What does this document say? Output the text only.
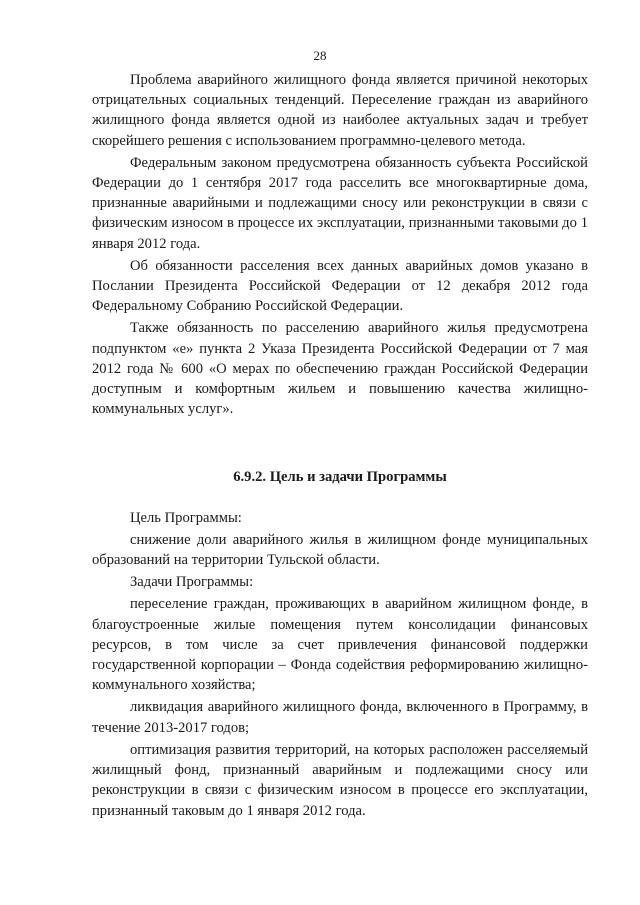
28

Проблема аварийного жилищного фонда является причиной некоторых отрицательных социальных тенденций. Переселение граждан из аварийного жилищного фонда является одной из наиболее актуальных задач и требует скорейшего решения с использованием программно-целевого метода.

Федеральным законом предусмотрена обязанность субъекта Российской Федерации до 1 сентября 2017 года расселить все многоквартирные дома, признанные аварийными и подлежащими сносу или реконструкции в связи с физическим износом в процессе их эксплуатации, признанными таковыми до 1 января 2012 года.

Об обязанности расселения всех данных аварийных домов указано в Послании Президента Российской Федерации от 12 декабря 2012 года Федеральному Собранию Российской Федерации.

Также обязанность по расселению аварийного жилья предусмотрена подпунктом «е» пункта 2 Указа Президента Российской Федерации от 7 мая 2012 года № 600 «О мерах по обеспечению граждан Российской Федерации доступным и комфортным жильем и повышению качества жилищно-коммунальных услуг».

6.9.2. Цель и задачи Программы

Цель Программы:

снижение доли аварийного жилья в жилищном фонде муниципальных образований на территории Тульской области.

Задачи Программы:

переселение граждан, проживающих в аварийном жилищном фонде, в благоустроенные жилые помещения путем консолидации финансовых ресурсов, в том числе за счет привлечения финансовой поддержки государственной корпорации – Фонда содействия реформированию жилищно-коммунального хозяйства;

ликвидация аварийного жилищного фонда, включенного в Программу, в течение 2013-2017 годов;

оптимизация развития территорий, на которых расположен расселяемый жилищный фонд, признанный аварийным и подлежащими сносу или реконструкции в связи с физическим износом в процессе его эксплуатации, признанный таковым до 1 января 2012 года.
